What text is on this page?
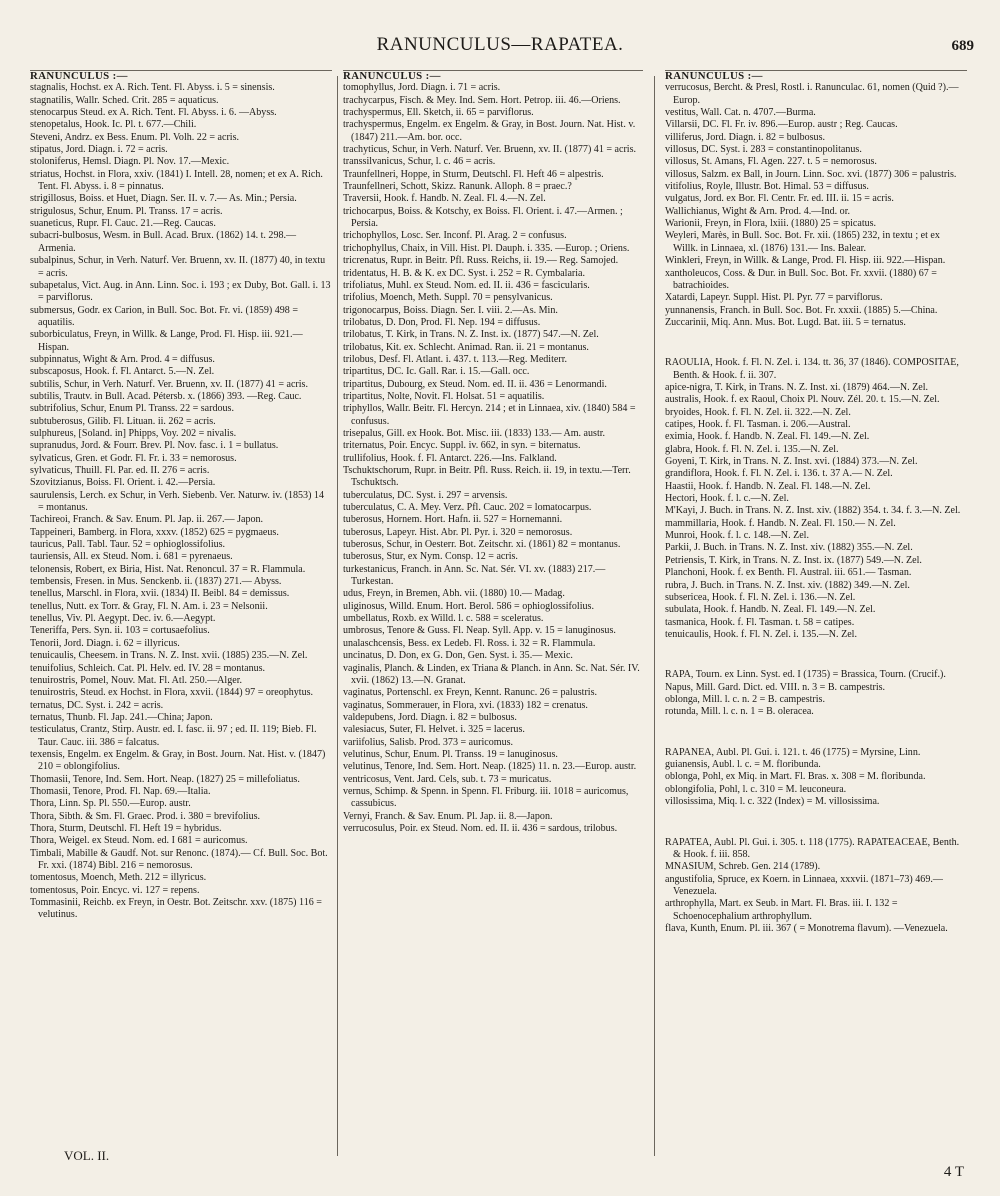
RANUNCULUS—RAPATEA.	689

RANUNCULUS :—

stagnalis, Hochst. ex A. Rich. Tent. Fl. Abyss. i. 5 = sinensis.

stagnatilis, Wallr. Sched. Crit. 285 = aquaticus.

stenocarpus Steud. ex A. Rich. Tent. Fl. Abyss. i. 6. —Abyss.

stenopetalus, Hook. Ic. Pl. t. 677.—Chili.

Steveni, Andrz. ex Bess. Enum. Pl. Volh. 22 = acris.

stipatus, Jord. Diagn. i. 72 = acris.

stoloniferus, Hemsl. Diagn. Pl. Nov. 17.—Mexic.

striatus, Hochst. in Flora, xxiv. (1841) I. Intell. 28, nomen; et ex A. Rich. Tent. Fl. Abyss. i. 8 = pinnatus.

strigillosus, Boiss. et Huet, Diagn. Ser. II. v. 7.— As. Min.; Persia.

strigulosus, Schur, Enum. Pl. Transs. 17 = acris.

suaneticus, Rupr. Fl. Cauc. 21.—Reg. Caucas.

subacri-bulbosus, Wesm. in Bull. Acad. Brux. (1862) 14. t. 298.—Armenia.

subalpinus, Schur, in Verh. Naturf. Ver. Bruenn, xv. II. (1877) 40, in textu = acris.

subapetalus, Vict. Aug. in Ann. Linn. Soc. i. 193 ; ex Duby, Bot. Gall. i. 13 = parviflorus.

submersus, Godr. ex Carion, in Bull. Soc. Bot. Fr. vi. (1859) 498 = aquatilis.

suborbiculatus, Freyn, in Willk. & Lange, Prod. Fl. Hisp. iii. 921.—Hispan.

subpinnatus, Wight & Arn. Prod. 4 = diffusus.

subscaposus, Hook. f. Fl. Antarct. 5.—N. Zel.

subtilis, Schur, in Verh. Naturf. Ver. Bruenn, xv. II. (1877) 41 = acris.

subtilis, Trautv. in Bull. Acad. Pétersb. x. (1866) 393. —Reg. Cauc.

subtrifolius, Schur, Enum Pl. Transs. 22 = sardous.

subtuberosus, Gilib. Fl. Lituan. ii. 262 = acris.

sulphureus, [Soland. in] Phipps, Voy. 202 = nivalis.

supranudus, Jord. & Fourr. Brev. Pl. Nov. fasc. i. 1 = bullatus.

sylvaticus, Gren. et Godr. Fl. Fr. i. 33 = nemorosus.

sylvaticus, Thuill. Fl. Par. ed. II. 276 = acris.

Szovitzianus, Boiss. Fl. Orient. i. 42.—Persia.

saurulensis, Lerch. ex Schur, in Verh. Siebenb. Ver. Naturw. iv. (1853) 14 = montanus.

Tachireoi, Franch. & Sav. Enum. Pl. Jap. ii. 267.— Japon.

Tappeineri, Bamberg. in Flora, xxxv. (1852) 625 = pygmaeus.

tauricus, Pall. Tabl. Taur. 52 = ophioglossifolius.

tauriensis, All. ex Steud. Nom. i. 681 = pyrenaeus.

telonensis, Robert, ex Biria, Hist. Nat. Renoncul. 37 = R. Flammula.

tembensis, Fresen. in Mus. Senckenb. ii. (1837) 271.— Abyss.

tenellus, Marschl. in Flora, xvii. (1834) II. Beibl. 84 = demissus.

tenellus, Nutt. ex Torr. & Gray, Fl. N. Am. i. 23 = Nelsonii.

tenellus, Viv. Pl. Aegypt. Dec. iv. 6.—Aegypt.

Teneriffa, Pers. Syn. ii. 103 = cortusaefolius.

Tenorii, Jord. Diagn. i. 62 = illyricus.

tenuicaulis, Cheesem. in Trans. N. Z. Inst. xvii. (1885) 235.—N. Zel.

tenuifolius, Schleich. Cat. Pl. Helv. ed. IV. 28 = montanus.

tenuirostris, Pomel, Nouv. Mat. Fl. Atl. 250.—Alger.

tenuirostris, Steud. ex Hochst. in Flora, xxvii. (1844) 97 = oreophytus.

ternatus, DC. Syst. i. 242 = acris.

ternatus, Thunb. Fl. Jap. 241.—China; Japon.

testiculatus, Crantz, Stirp. Austr. ed. I. fasc. ii. 97 ; ed. II. 119; Bieb. Fl. Taur. Cauc. iii. 386 = falcatus.

texensis, Engelm. ex Engelm. & Gray, in Bost. Journ. Nat. Hist. v. (1847) 210 = oblongifolius.

Thomasii, Tenore, Ind. Sem. Hort. Neap. (1827) 25 = millefoliatus.

Thomasii, Tenore, Prod. Fl. Nap. 69.—Italia.

Thora, Linn. Sp. Pl. 550.—Europ. austr.

Thora, Sibth. & Sm. Fl. Graec. Prod. i. 380 = brevifolius.

Thora, Sturm, Deutschl. Fl. Heft 19 = hybridus.

Thora, Weigel. ex Steud. Nom. ed. I 681 = auricomus.

Timbali, Mabille & Gaudf. Not. sur Renonc. (1874).— Cf. Bull. Soc. Bot. Fr. xxi. (1874) Bibl. 216 = nemorosus.

tomentosus, Moench, Meth. 212 = illyricus.

tomentosus, Poir. Encyc. vi. 127 = repens.

Tommasinii, Reichb. ex Freyn, in Oestr. Bot. Zeitschr. xxv. (1875) 116 = velutinus.

RANUNCULUS :—

tomophyllus, Jord. Diagn. i. 71 = acris.

trachycarpus, Fisch. & Mey. Ind. Sem. Hort. Petrop. iii. 46.—Oriens.

trachyspermus, Ell. Sketch, ii. 65 = parviflorus.

trachyspermus, Engelm. ex Engelm. & Gray, in Bost. Journ. Nat. Hist. v. (1847) 211.—Am. bor. occ.

trachyticus, Schur, in Verh. Naturf. Ver. Bruenn, xv. II. (1877) 41 = acris.

transsilvanicus, Schur, l. c. 46 = acris.

Traunfellneri, Hoppe, in Sturm, Deutschl. Fl. Heft 46 = alpestris.

Traunfellneri, Schott, Skizz. Ranunk. Alloph. 8 = praec.?

Traversii, Hook. f. Handb. N. Zeal. Fl. 4.—N. Zel.

trichocarpus, Boiss. & Kotschy, ex Boiss. Fl. Orient. i. 47.—Armen. ; Persia.

trichophyllos, Losc. Ser. Inconf. Pl. Arag. 2 = confusus.

trichophyllus, Chaix, in Vill. Hist. Pl. Dauph. i. 335. —Europ. ; Oriens.

tricrenatus, Rupr. in Beitr. Pfl. Russ. Reichs, ii. 19.— Reg. Samojed.

tridentatus, H. B. & K. ex DC. Syst. i. 252 = R. Cymbalaria.

trifoliatus, Muhl. ex Steud. Nom. ed. II. ii. 436 = fascicularis.

trifolius, Moench, Meth. Suppl. 70 = pensylvanicus.

trigonocarpus, Boiss. Diagn. Ser. I. viii. 2.—As. Min.

trilobatus, D. Don, Prod. Fl. Nep. 194 = diffusus.

trilobatus, T. Kirk, in Trans. N. Z. Inst. ix. (1877) 547.—N. Zel.

trilobatus, Kit. ex. Schlecht. Animad. Ran. ii. 21 = montanus.

trilobus, Desf. Fl. Atlant. i. 437. t. 113.—Reg. Mediterr.

tripartitus, DC. Ic. Gall. Rar. i. 15.—Gall. occ.

tripartitus, Dubourg, ex Steud. Nom. ed. II. ii. 436 = Lenormandi.

tripartitus, Nolte, Novit. Fl. Holsat. 51 = aquatilis.

triphyllos, Wallr. Beitr. Fl. Hercyn. 214 ; et in Linnaea, xiv. (1840) 584 = confusus.

trisepalus, Gill. ex Hook. Bot. Misc. iii. (1833) 133.— Am. austr.

triternatus, Poir. Encyc. Suppl. iv. 662, in syn. = biternatus.

trullifolius, Hook. f. Fl. Antarct. 226.—Ins. Falkland.

Tschuktschorum, Rupr. in Beitr. Pfl. Russ. Reich. ii. 19, in textu.—Terr. Tschuktsch.

tuberculatus, DC. Syst. i. 297 = arvensis.

tuberculatus, C. A. Mey. Verz. Pfl. Cauc. 202 = lomatocarpus.

tuberosus, Hornem. Hort. Hafn. ii. 527 = Hornemanni.

tuberosus, Lapeyr. Hist. Abr. Pl. Pyr. i. 320 = nemorosus.

tuberosus, Schur, in Oesterr. Bot. Zeitschr. xi. (1861) 82 = montanus.

tuberosus, Stur, ex Nym. Consp. 12 = acris.

turkestanicus, Franch. in Ann. Sc. Nat. Sér. VI. xv. (1883) 217.—Turkestan.

udus, Freyn, in Bremen, Abh. vii. (1880) 10.— Madag.

uliginosus, Willd. Enum. Hort. Berol. 586 = ophioglossifolius.

umbellatus, Roxb. ex Willd. l. c. 588 = sceleratus.

umbrosus, Tenore & Guss. Fl. Neap. Syll. App. v. 15 = lanuginosus.

unalaschcensis, Bess. ex Ledeb. Fl. Ross. i. 32 = R. Flammula.

uncinatus, D. Don, ex G. Don, Gen. Syst. i. 35.— Mexic.

vaginalis, Planch. & Linden, ex Triana & Planch. in Ann. Sc. Nat. Sér. IV. xvii. (1862) 13.—N. Granat.

vaginatus, Portenschl. ex Freyn, Kennt. Ranunc. 26 = palustris.

vaginatus, Sommerauer, in Flora, xvi. (1833) 182 = crenatus.

valdepubens, Jord. Diagn. i. 82 = bulbosus.

valesiacus, Suter, Fl. Helvet. i. 325 = lacerus.

variifolius, Salisb. Prod. 373 = auricomus.

velutinus, Schur, Enum. Pl. Transs. 19 = lanuginosus.

velutinus, Tenore, Ind. Sem. Hort. Neap. (1825) 11. n. 23.—Europ. austr.

ventricosus, Vent. Jard. Cels, sub. t. 73 = muricatus.

vernus, Schimp. & Spenn. in Spenn. Fl. Friburg. iii. 1018 = auricomus, cassubicus.

Vernyi, Franch. & Sav. Enum. Pl. Jap. ii. 8.—Japon.

verrucosulus, Poir. ex Steud. Nom. ed. II. ii. 436 = sardous, trilobus.

RANUNCULUS :—

verrucosus, Bercht. & Presl, Rostl. i. Ranunculac. 61, nomen (Quid ?).—Europ.

vestitus, Wall. Cat. n. 4707.—Burma.

Villarsii, DC. Fl. Fr. iv. 896.—Europ. austr ; Reg. Caucas.

villiferus, Jord. Diagn. i. 82 = bulbosus.

villosus, DC. Syst. i. 283 = constantinopolitanus.

villosus, St. Amans, Fl. Agen. 227. t. 5 = nemorosus.

villosus, Salzm. ex Ball, in Journ. Linn. Soc. xvi. (1877) 306 = palustris.

vitifolius, Royle, Illustr. Bot. Himal. 53 = diffusus.

vulgatus, Jord. ex Bor. Fl. Centr. Fr. ed. III. ii. 15 = acris.

Wallichianus, Wight & Arn. Prod. 4.—Ind. or.

Warionii, Freyn, in Flora, lxiii. (1880) 25 = spicatus.

Weyleri, Marès, in Bull. Soc. Bot. Fr. xii. (1865) 232, in textu ; et ex Willk. in Linnaea, xl. (1876) 131.— Ins. Balear.

Winkleri, Freyn, in Willk. & Lange, Prod. Fl. Hisp. iii. 922.—Hispan.

xantholeucos, Coss. & Dur. in Bull. Soc. Bot. Fr. xxvii. (1880) 67 = batrachioides.

Xatardi, Lapeyr. Suppl. Hist. Pl. Pyr. 77 = parviflorus.

yunnanensis, Franch. in Bull. Soc. Bot. Fr. xxxii. (1885) 5.—China.

Zuccarinii, Miq. Ann. Mus. Bot. Lugd. Bat. iii. 5 = ternatus.

RAOULIA, Hook. f. Fl. N. Zel. i. 134. tt. 36, 37 (1846). COMPOSITAE, Benth. & Hook. f. ii. 307.

apice-nigra, T. Kirk, in Trans. N. Z. Inst. xi. (1879) 464.—N. Zel.

australis, Hook. f. ex Raoul, Choix Pl. Nouv. Zél. 20. t. 15.—N. Zel.

bryoides, Hook. f. Fl. N. Zel. ii. 322.—N. Zel.

catipes, Hook. f. Fl. Tasman. i. 206.—Austral.

eximia, Hook. f. Handb. N. Zeal. Fl. 149.—N. Zel.

glabra, Hook. f. Fl. N. Zel. i. 135.—N. Zel.

Goyeni, T. Kirk, in Trans. N. Z. Inst. xvi. (1884) 373.—N. Zel.

grandiflora, Hook. f. Fl. N. Zel. i. 136. t. 37 A.— N. Zel.

Haastii, Hook. f. Handb. N. Zeal. Fl. 148.—N. Zel.

Hectori, Hook. f. l. c.—N. Zel.

M'Kayi, J. Buch. in Trans. N. Z. Inst. xiv. (1882) 354. t. 34. f. 3.—N. Zel.

mammillaria, Hook. f. Handb. N. Zeal. Fl. 150.— N. Zel.

Munroi, Hook. f. l. c. 148.—N. Zel.

Parkii, J. Buch. in Trans. N. Z. Inst. xiv. (1882) 355.—N. Zel.

Petriensis, T. Kirk, in Trans. N. Z. Inst. ix. (1877) 549.—N. Zel.

Planchoni, Hook. f. ex Benth. Fl. Austral. iii. 651.— Tasman.

rubra, J. Buch. in Trans. N. Z. Inst. xiv. (1882) 349.—N. Zel.

subsericea, Hook. f. Fl. N. Zel. i. 136.—N. Zel.

subulata, Hook. f. Handb. N. Zeal. Fl. 149.—N. Zel.

tasmanica, Hook. f. Fl. Tasman. t. 58 = catipes.

tenuicaulis, Hook. f. Fl. N. Zel. i. 135.—N. Zel.

RAPA, Tourn. ex Linn. Syst. ed. I (1735) = Brassica, Tourn. (Crucif.).

Napus, Mill. Gard. Dict. ed. VIII. n. 3 = B. campestris.

oblonga, Mill. l. c. n. 2 = B. campestris.

rotunda, Mill. l. c. n. 1 = B. oleracea.

RAPANEA, Aubl. Pl. Gui. i. 121. t. 46 (1775) = Myrsine, Linn.

guianensis, Aubl. l. c. = M. floribunda.

oblonga, Pohl, ex Miq. in Mart. Fl. Bras. x. 308 = M. floribunda.

oblongifolia, Pohl, l. c. 310 = M. leuconeura.

villosissima, Miq. l. c. 322 (Index) = M. villosissima.

RAPATEA, Aubl. Pl. Gui. i. 305. t. 118 (1775). RAPATEACEAE, Benth. & Hook. f. iii. 858.

MNASIUM, Schreb. Gen. 214 (1789).

angustifolia, Spruce, ex Koern. in Linnaea, xxxvii. (1871–73) 469.—Venezuela.

arthrophylla, Mart. ex Seub. in Mart. Fl. Bras. iii. I. 132 = Schoenocephalium arthrophyllum.

flava, Kunth, Enum. Pl. iii. 367 ( = Monotrema flavum). —Venezuela.

VOL. II.
4 T
